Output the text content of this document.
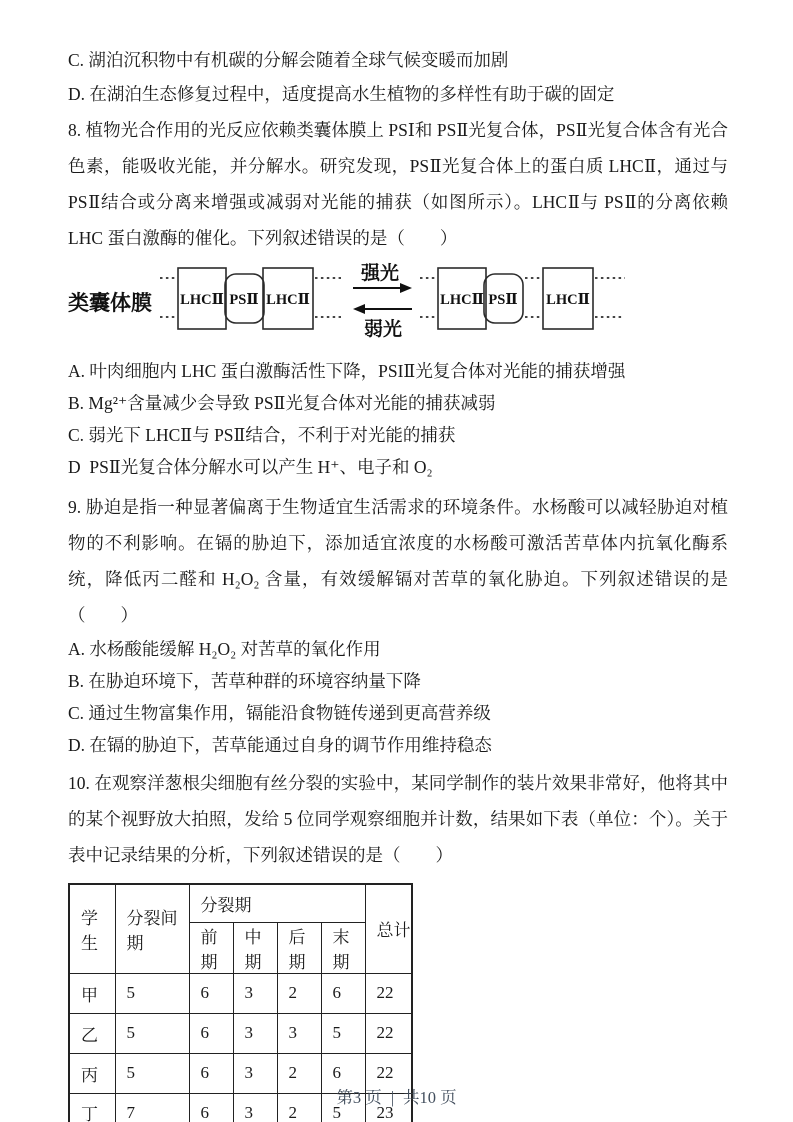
C. 湖泊沉积物中有机碳的分解会随着全球气候变暖而加剧

D. 在湖泊生态修复过程中，适度提高水生植物的多样性有助于碳的固定

8. 植物光合作用的光反应依赖类囊体膜上 PSⅠ和 PSⅡ光复合体，PSⅡ光复合体含有光合色素，能吸收光能，并分解水。研究发现，PSⅡ光复合体上的蛋白质 LHCⅡ，通过与 PSⅡ结合或分离来增强或减弱对光能的捕获（如图所示）。LHCⅡ与 PSⅡ的分离依赖 LHC 蛋白激酶的催化。下列叙述错误的是（　　）

类囊体膜 LHCⅡ PSⅡ LHCⅡ
强光
弱光
LHCⅡ PSⅡ LHCⅡ

A. 叶肉细胞内 LHC 蛋白激酶活性下降，PSIⅡ光复合体对光能的捕获增强

B. Mg²⁺含量减少会导致 PSⅡ光复合体对光能的捕获减弱

C. 弱光下 LHCⅡ与 PSⅡ结合，不利于对光能的捕获

D  PSⅡ光复合体分解水可以产生 H⁺、电子和 O₂

9. 胁迫是指一种显著偏离于生物适宜生活需求的环境条件。水杨酸可以减轻胁迫对植物的不利影响。在镉的胁迫下，添加适宜浓度的水杨酸可激活苦草体内抗氧化酶系统，降低丙二醛和 H₂O₂ 含量，有效缓解镉对苦草的氧化胁迫。下列叙述错误的是（　　）

A. 水杨酸能缓解 H₂O₂ 对苦草的氧化作用

B. 在胁迫环境下，苦草种群的环境容纳量下降

C. 通过生物富集作用，镉能沿食物链传递到更高营养级

D. 在镉的胁迫下，苦草能通过自身的调节作用维持稳态

10. 在观察洋葱根尖细胞有丝分裂的实验中，某同学制作的装片效果非常好，他将其中的某个视野放大拍照，发给 5 位同学观察细胞并计数，结果如下表（单位：个）。关于表中记录结果的分析，下列叙述错误的是（　　）

学生	分裂间期	分裂期				总计
		前期	中期	后期	末期	
甲	5	6	3	2	6	22
乙	5	6	3	3	5	22
丙	5	6	3	2	6	22
丁	7	6	3	2	5	23
第3 页 | 共10 页
